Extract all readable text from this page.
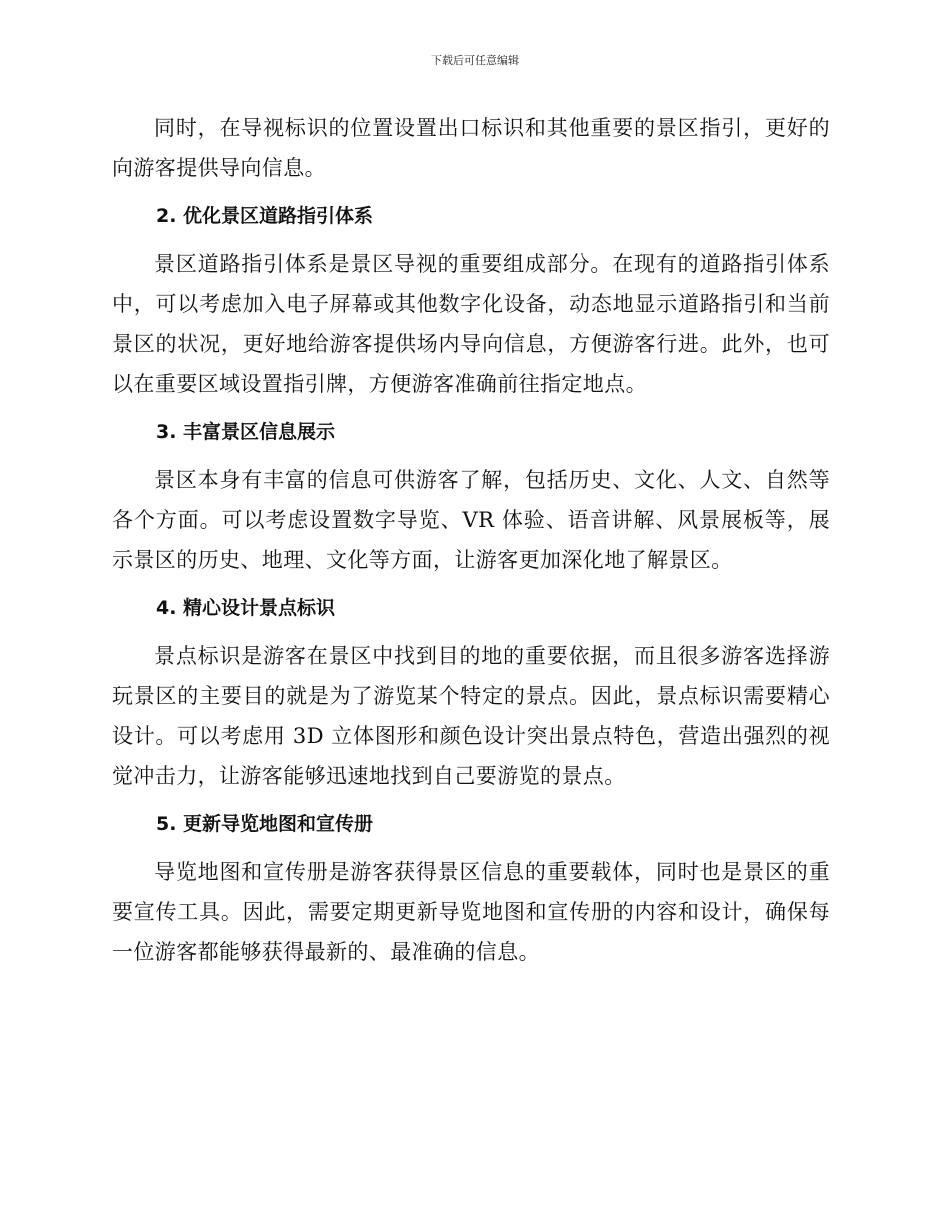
下载后可任意编辑

同时，在导视标识的位置设置出口标识和其他重要的景区指引，更好的向游客提供导向信息。

2. 优化景区道路指引体系

景区道路指引体系是景区导视的重要组成部分。在现有的道路指引体系中，可以考虑加入电子屏幕或其他数字化设备，动态地显示道路指引和当前景区的状况，更好地给游客提供场内导向信息，方便游客行进。此外，也可以在重要区域设置指引牌，方便游客准确前往指定地点。

3. 丰富景区信息展示

景区本身有丰富的信息可供游客了解，包括历史、文化、人文、自然等各个方面。可以考虑设置数字导览、VR 体验、语音讲解、风景展板等，展示景区的历史、地理、文化等方面，让游客更加深化地了解景区。

4. 精心设计景点标识

景点标识是游客在景区中找到目的地的重要依据，而且很多游客选择游玩景区的主要目的就是为了游览某个特定的景点。因此，景点标识需要精心设计。可以考虑用 3D 立体图形和颜色设计突出景点特色，营造出强烈的视觉冲击力，让游客能够迅速地找到自己要游览的景点。

5. 更新导览地图和宣传册

导览地图和宣传册是游客获得景区信息的重要载体，同时也是景区的重要宣传工具。因此，需要定期更新导览地图和宣传册的内容和设计，确保每一位游客都能够获得最新的、最准确的信息。
